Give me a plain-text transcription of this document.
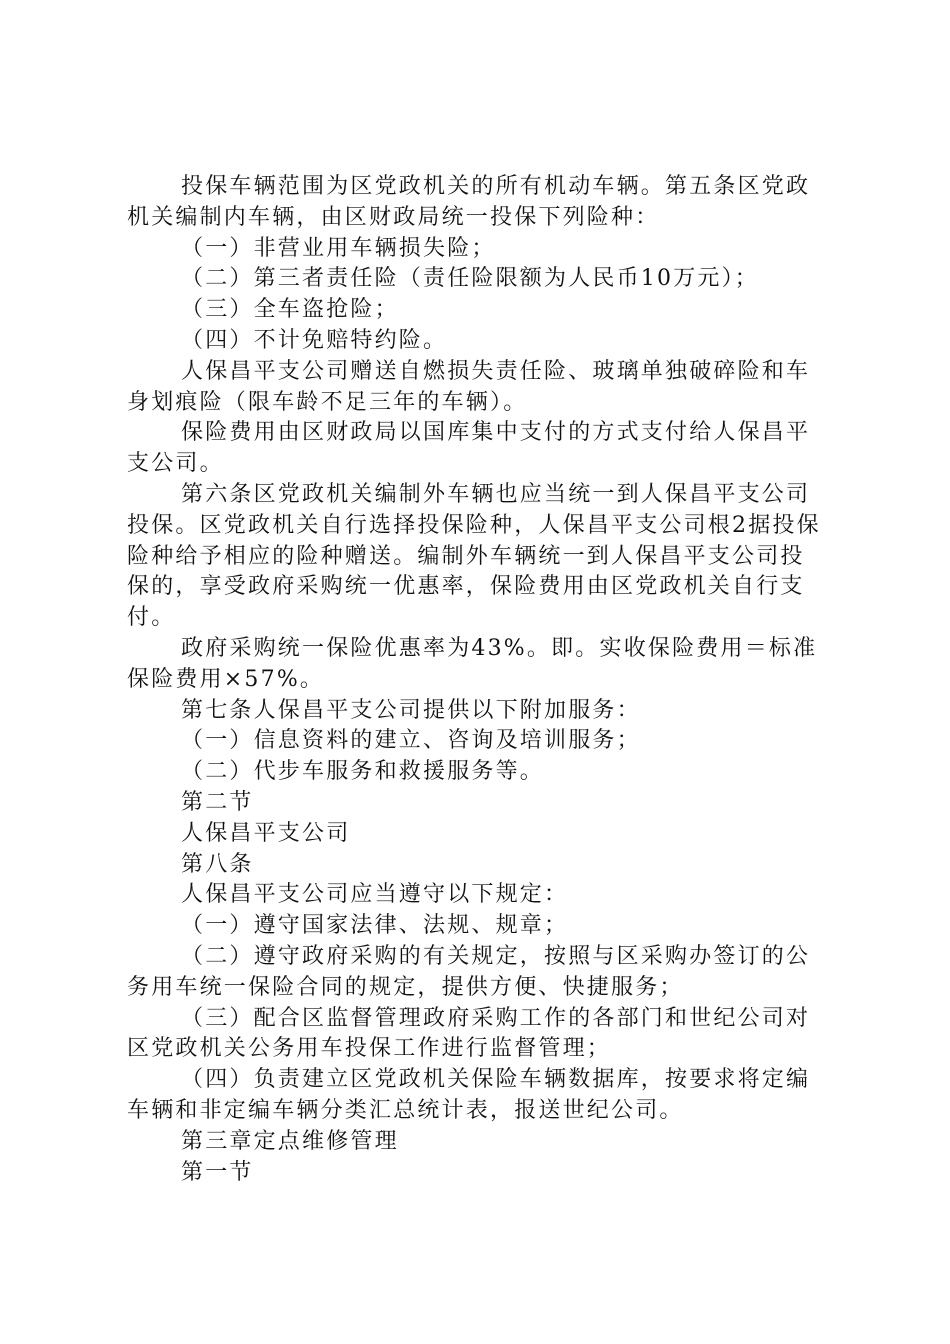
投保车辆范围为区党政机关的所有机动车辆。第五条区党政机关编制内车辆，由区财政局统一投保下列险种：

（一）非营业用车辆损失险；

（二）第三者责任险（责任险限额为人民币10万元）；

（三）全车盗抢险；

（四）不计免赔特约险。

人保昌平支公司赠送自燃损失责任险、玻璃单独破碎险和车身划痕险（限车龄不足三年的车辆）。

保险费用由区财政局以国库集中支付的方式支付给人保昌平支公司。

第六条区党政机关编制外车辆也应当统一到人保昌平支公司投保。区党政机关自行选择投保险种，人保昌平支公司根2据投保险种给予相应的险种赠送。编制外车辆统一到人保昌平支公司投保的，享受政府采购统一优惠率，保险费用由区党政机关自行支付。

政府采购统一保险优惠率为43%。即。实收保险费用＝标准保险费用×57%。

第七条人保昌平支公司提供以下附加服务：

（一）信息资料的建立、咨询及培训服务；

（二）代步车服务和救援服务等。

第二节

人保昌平支公司

第八条

人保昌平支公司应当遵守以下规定：

（一）遵守国家法律、法规、规章；

（二）遵守政府采购的有关规定，按照与区采购办签订的公务用车统一保险合同的规定，提供方便、快捷服务；

（三）配合区监督管理政府采购工作的各部门和世纪公司对区党政机关公务用车投保工作进行监督管理；

（四）负责建立区党政机关保险车辆数据库，按要求将定编车辆和非定编车辆分类汇总统计表，报送世纪公司。

第三章定点维修管理

第一节
